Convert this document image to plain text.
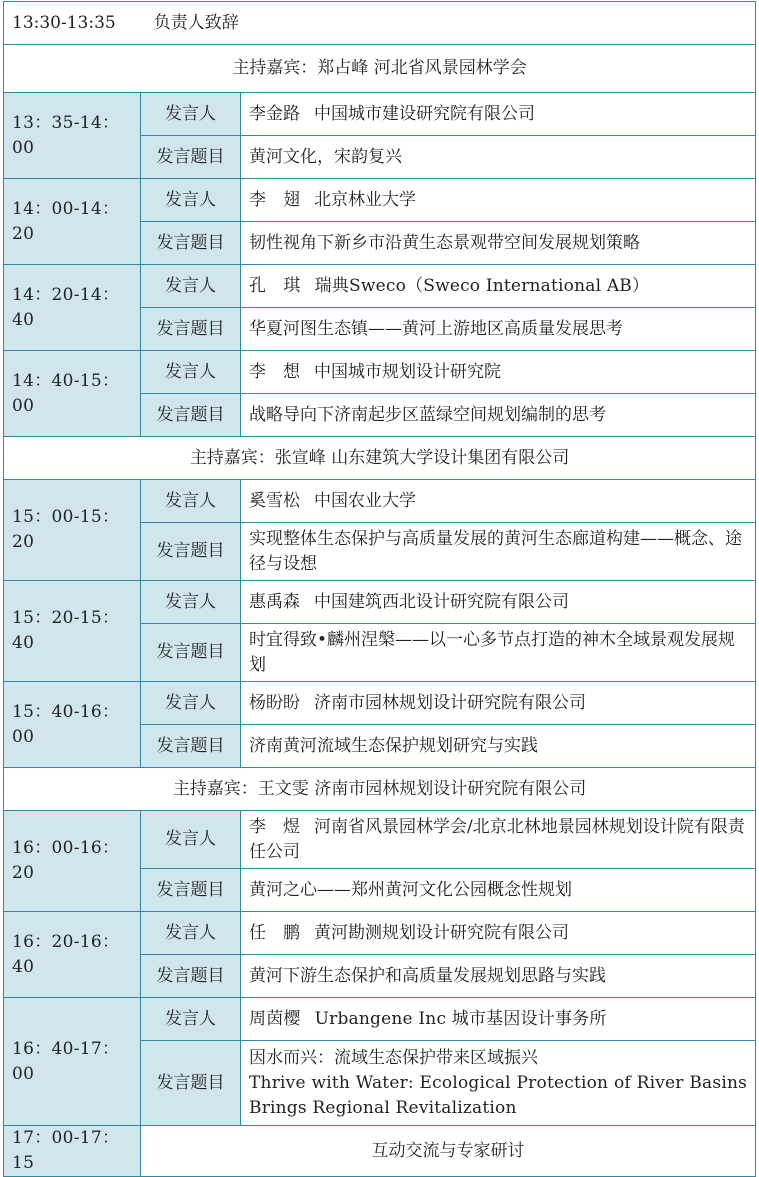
13:30-13:35 负责人致辞		
主持嘉宾：郑占峰 河北省风景园林学会		
13：35-14：00	发言人	李金路 中国城市建设研究院有限公司
	发言题目	黄河文化，宋韵复兴
14：00-14：20	发言人	李　翅 北京林业大学
	发言题目	韧性视角下新乡市沿黄生态景观带空间发展规划策略
14：20-14：40	发言人	孔　琪 瑞典Sweco（Sweco International AB）
	发言题目	华夏河图生态镇——黄河上游地区高质量发展思考
14：40-15：00	发言人	李　想 中国城市规划设计研究院
	发言题目	战略导向下济南起步区蓝绿空间规划编制的思考
主持嘉宾：张宣峰 山东建筑大学设计集团有限公司		
15：00-15：20	发言人	奚雪松 中国农业大学
	发言题目	实现整体生态保护与高质量发展的黄河生态廊道构建——概念、途径与设想
15：20-15：40	发言人	惠禹森 中国建筑西北设计研究院有限公司
	发言题目	时宜得致•麟州涅槃——以一心多节点打造的神木全域景观发展规划
15：40-16：00	发言人	杨盼盼 济南市园林规划设计研究院有限公司
	发言题目	济南黄河流域生态保护规划研究与实践
主持嘉宾：王文雯 济南市园林规划设计研究院有限公司		
16：00-16：20	发言人	李　煜 河南省风景园林学会/北京北林地景园林规划设计院有限责任公司
	发言题目	黄河之心——郑州黄河文化公园概念性规划
16：20-16：40	发言人	任　鹏 黄河勘测规划设计研究院有限公司
	发言题目	黄河下游生态保护和高质量发展规划思路与实践
16：40-17：00	发言人	周茵樱 Urbangene Inc 城市基因设计事务所
	发言题目	因水而兴：流域生态保护带来区域振兴
Thrive with Water: Ecological Protection of River Basins Brings Regional Revitalization

17：00-17：15	互动交流与专家研讨	
